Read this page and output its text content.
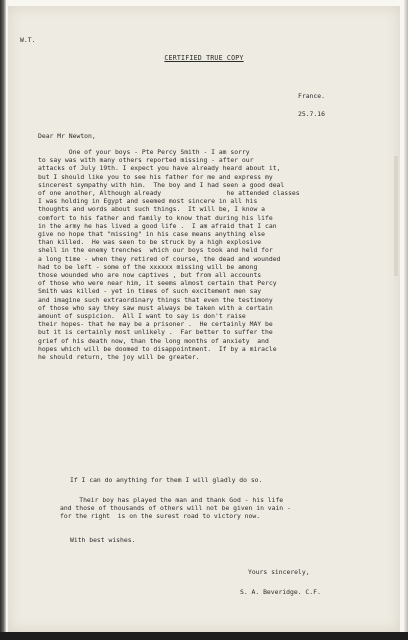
W.T.
CERTIFIED TRUE COPY
France.
25.7.16
Dear Mr Newton,
One of your boys - Pte Percy Smith - I am sorry
to say was with many others reported missing - after our
attacks of July 19th. I expect you have already heard about it,
but I should like you to see his father for me and express my
sincerest sympathy with him.  The boy and I had seen a good deal
of one another, Although already                 he attended classes
I was holding in Egypt and seemed most sincere in all his
thoughts and words about such things.  It will be, I know a
comfort to his father and family to know that during his life
in the army he has lived a good life .  I am afraid that I can
give no hope that "missing" in his case means anything else
than killed.  He was seen to be struck by a high explosive
shell in the enemy trenches  which our boys took and held for
a long time - when they retired of course, the dead and wounded
had to be left - some of the xxxxxx missing will be among
those wounded who are now captives , but from all accounts
of those who were near him, it seems almost certain that Percy
Smith was killed - yet in times of such excitement men say
and imagine such extraordinary things that even the testimony
of those who say they saw must always be taken with a certain
amount of suspicion.  All I want to say is don't raise
their hopes- that he may be a prisoner .  He certainly MAY be
but it is certainly most unlikely .  Far better to suffer the
grief of his death now, than the long months of anxiety  and
hopes which will be doomed to disappointment.  If by a miracle
he should return, the joy will be greater.
If I can do anything for them I will gladly do so.
Their boy has played the man and thank God - his life
and those of thousands of others will not be given in vain -
for the right  is on the surest road to victory now.
With best wishes.
Yours sincerely,
S. A. Beveridge. C.F.
